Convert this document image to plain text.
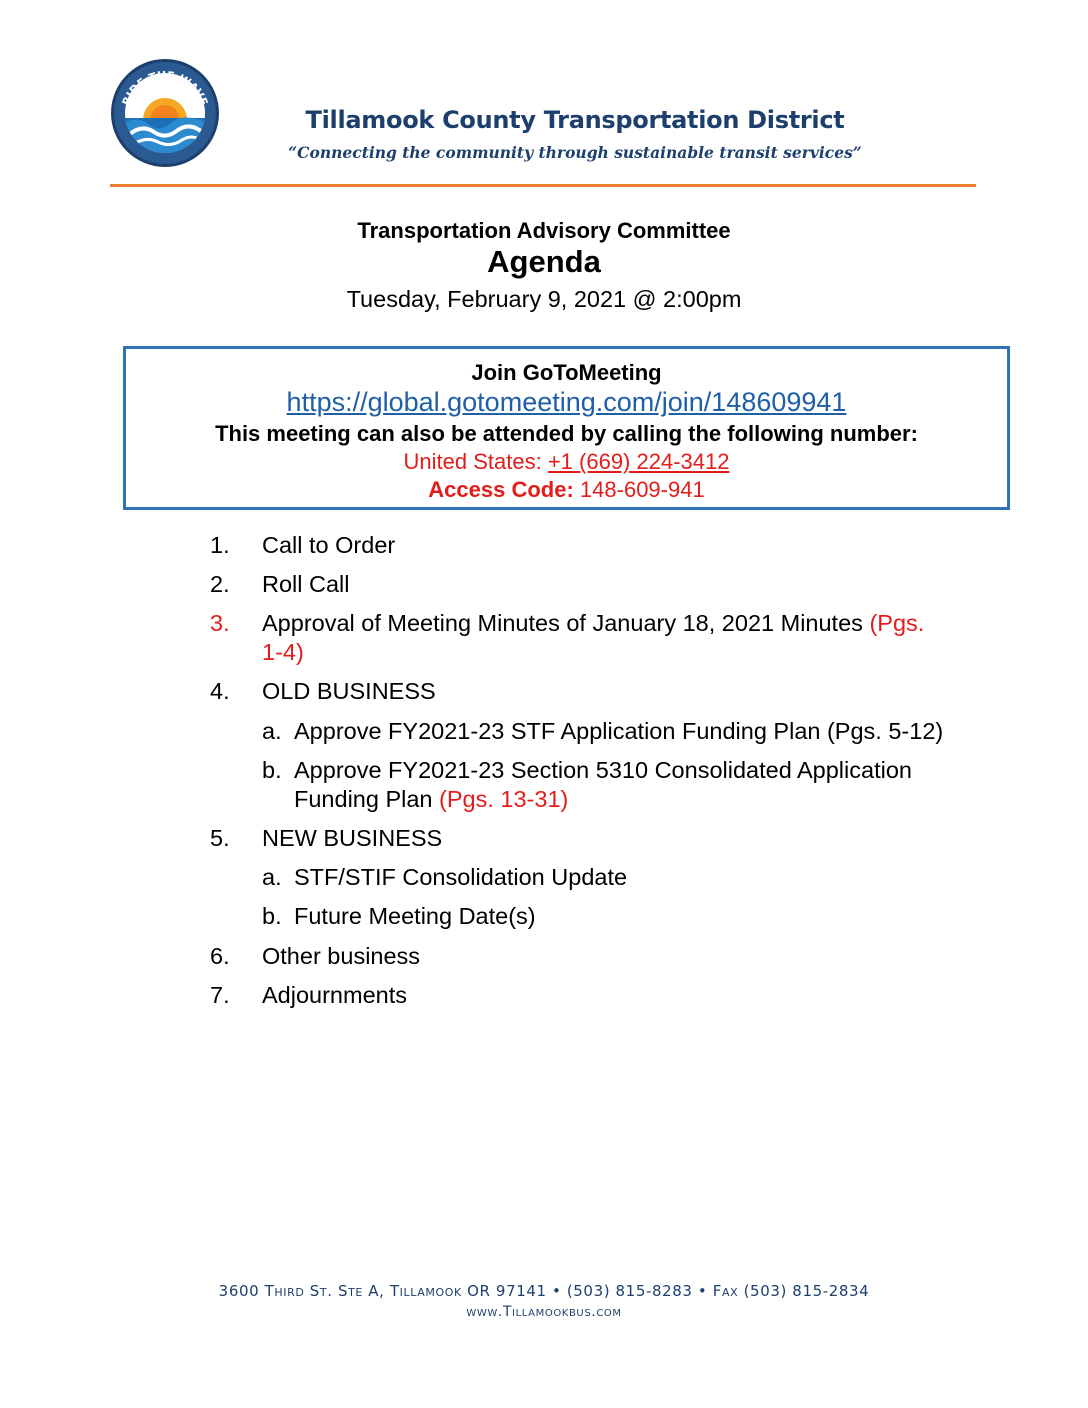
RIDE THE WAVE
Tillamook County Transportation District
“Connecting the community through sustainable transit services”
Transportation Advisory Committee
Agenda
Tuesday, February 9, 2021 @ 2:00pm
Join GoToMeeting
https://global.gotomeeting.com/join/148609941
This meeting can also be attended by calling the following number:
United States: +1 (669) 224-3412
Access Code: 148-609-941
1. Call to Order
2. Roll Call
3. Approval of Meeting Minutes of January 18, 2021 Minutes (Pgs.
1-4)
4. OLD BUSINESS
a. Approve FY2021-23 STF Application Funding Plan (Pgs. 5-12)
b. Approve FY2021-23 Section 5310 Consolidated Application
Funding Plan (Pgs. 13-31)
5. NEW BUSINESS
a. STF/STIF Consolidation Update
b. Future Meeting Date(s)
6. Other business
7. Adjournments
3600 Third St. Ste A, Tillamook OR 97141 • (503) 815-8283 • Fax (503) 815-2834
www.Tillamookbus.com
